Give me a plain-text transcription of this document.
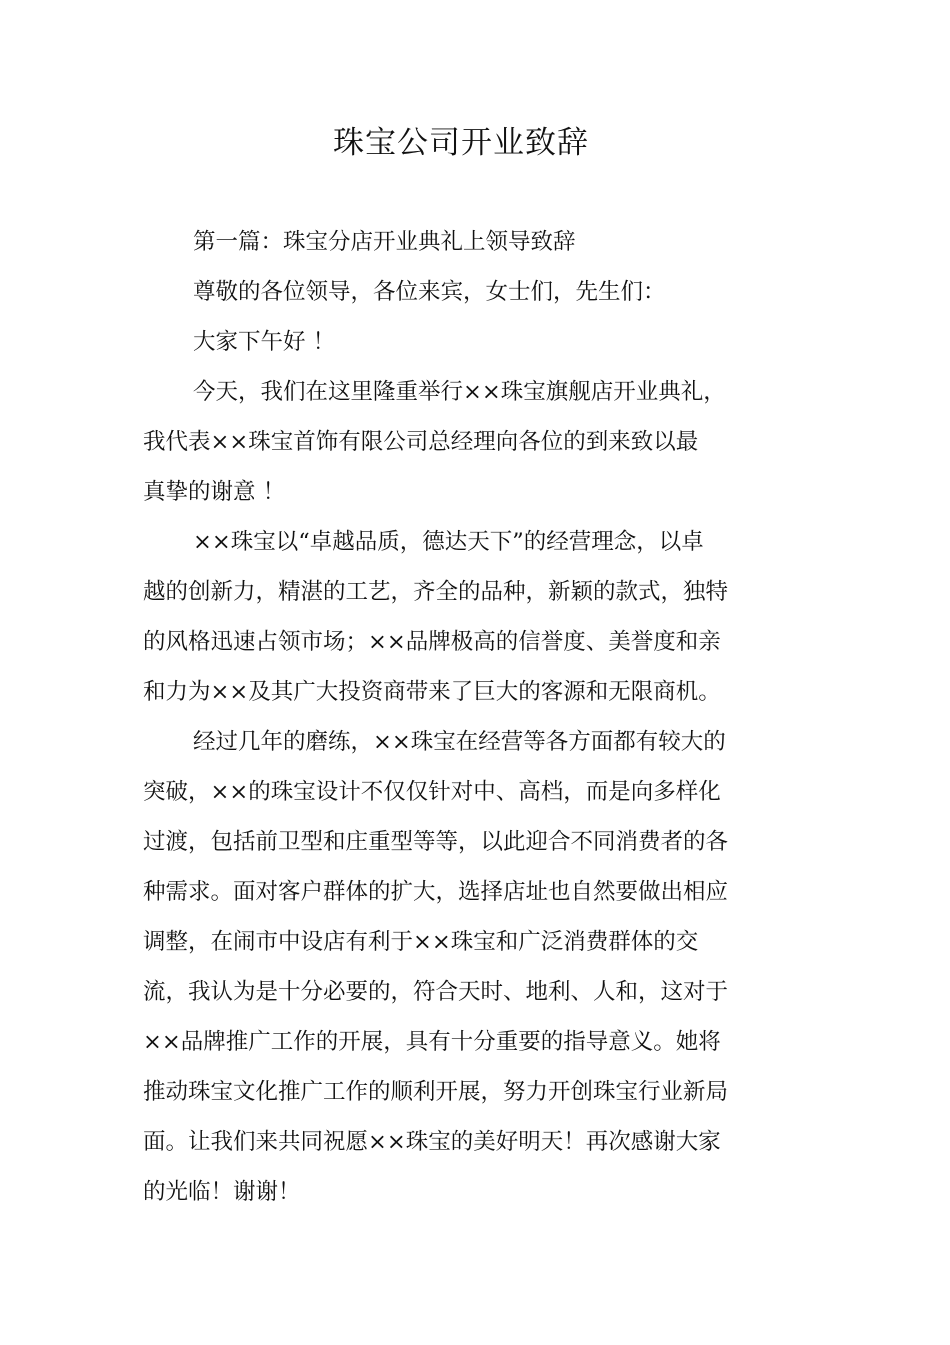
珠宝公司开业致辞
第一篇：珠宝分店开业典礼上领导致辞
尊敬的各位领导，各位来宾，女士们，先生们：
大家下午好 ！
今天，我们在这里隆重举行××珠宝旗舰店开业典礼，
我代表××珠宝首饰有限公司总经理向各位的到来致以最
真挚的谢意 ！
××珠宝以“卓越品质，德达天下”的经营理念，以卓
越的创新力，精湛的工艺，齐全的品种，新颖的款式，独特
的风格迅速占领市场；××品牌极高的信誉度、美誉度和亲
和力为××及其广大投资商带来了巨大的客源和无限商机。
经过几年的磨练，××珠宝在经营等各方面都有较大的
突破，××的珠宝设计不仅仅针对中、高档，而是向多样化
过渡，包括前卫型和庄重型等等，以此迎合不同消费者的各
种需求。面对客户群体的扩大，选择店址也自然要做出相应
调整，在闹市中设店有利于××珠宝和广泛消费群体的交
流，我认为是十分必要的，符合天时、地利、人和，这对于
××品牌推广工作的开展，具有十分重要的指导意义。她将
推动珠宝文化推广工作的顺利开展，努力开创珠宝行业新局
面。让我们来共同祝愿××珠宝的美好明天！再次感谢大家
的光临！谢谢！
